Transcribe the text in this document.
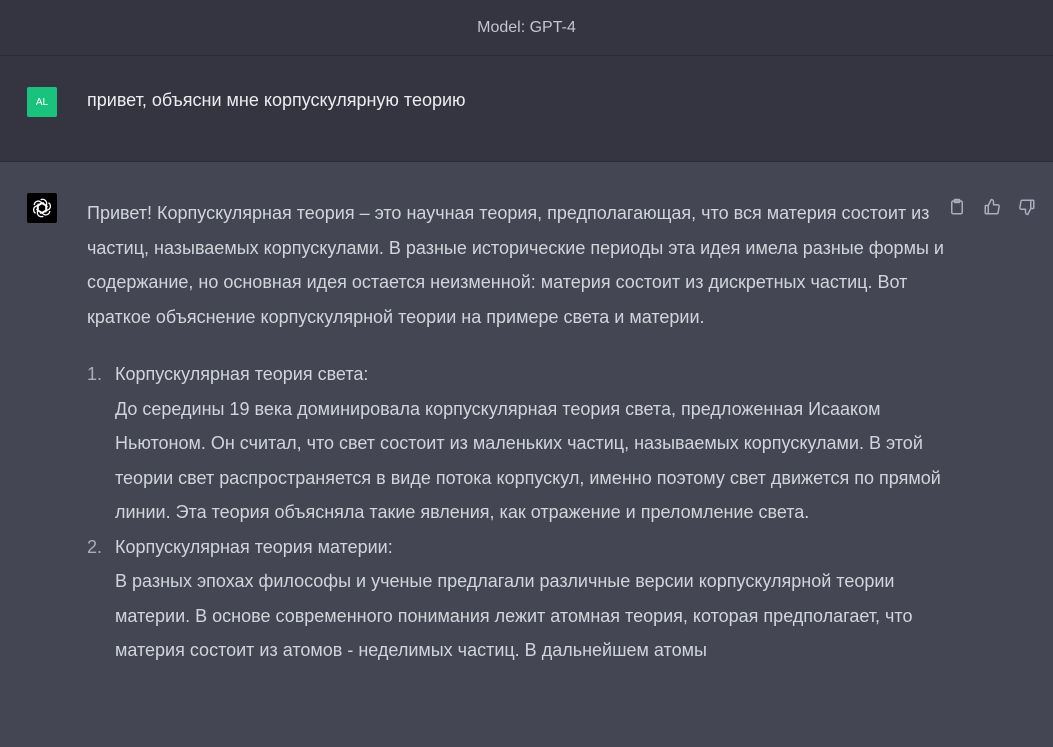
Model: GPT-4
AL привет, объясни мне корпускулярную теорию

Привет! Корпускулярная теория – это научная теория, предполагающая, что вся материя состоит из частиц, называемых корпускулами. В разные исторические периоды эта идея имела разные формы и содержание, но основная идея остается неизменной: материя состоит из дискретных частиц. Вот краткое объяснение корпускулярной теории на примере света и материи.

1. Корпускулярная теория света:
До середины 19 века доминировала корпускулярная теория света, предложенная Исааком Ньютоном. Он считал, что свет состоит из маленьких частиц, называемых корпускулами. В этой теории свет распространяется в виде потока корпускул, именно поэтому свет движется по прямой линии. Эта теория объясняла такие явления, как отражение и преломление света.
2. Корпускулярная теория материи:
В разных эпохах философы и ученые предлагали различные версии корпускулярной теории материи. В основе современного понимания лежит атомная теория, которая предполагает, что материя состоит из атомов - неделимых частиц. В дальнейшем атомы
